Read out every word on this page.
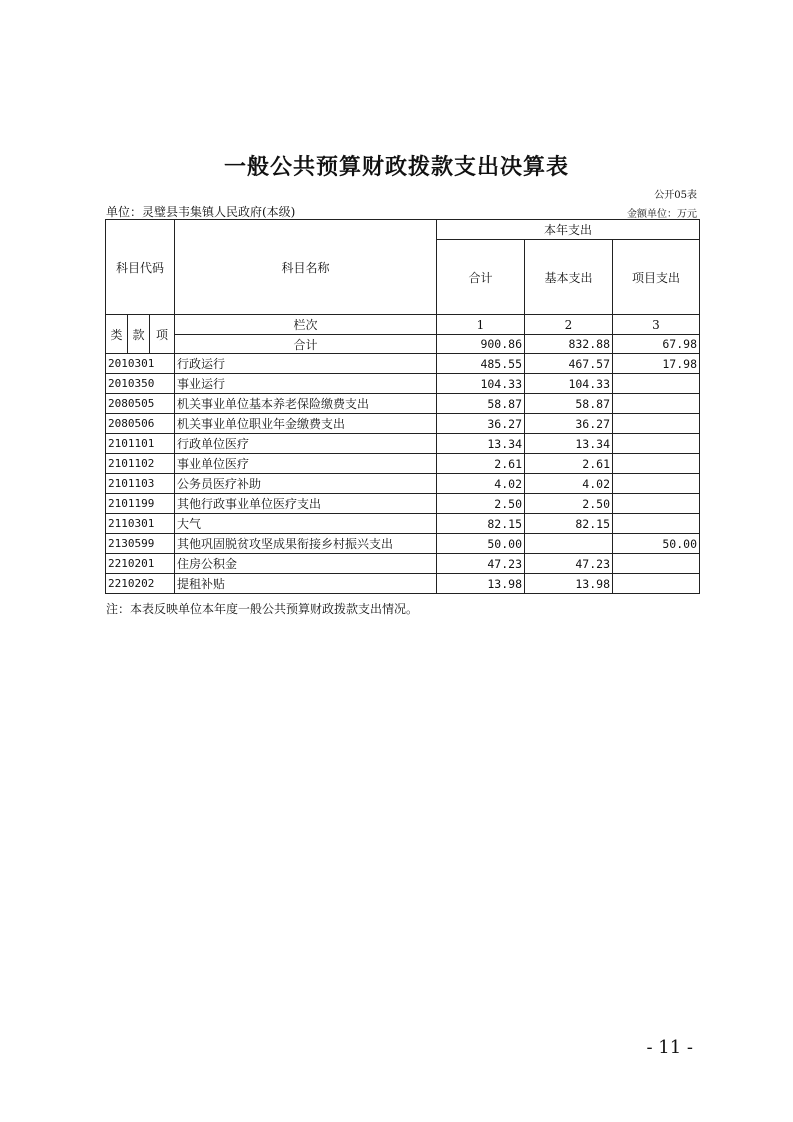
一般公共预算财政拨款支出决算表
公开05表
单位：灵璧县韦集镇人民政府(本级)	金额单位：万元
科目代码			科目名称	本年支出		
				合计	基本支出	项目支出

类	款	项	栏次	1	2	3
			合计	900.86	832.88	67.98
2010301			行政运行	485.55	467.57	17.98
2010350			事业运行	104.33	104.33	
2080505			机关事业单位基本养老保险缴费支出	58.87	58.87	
2080506			机关事业单位职业年金缴费支出	36.27	36.27	
2101101			行政单位医疗	13.34	13.34	
2101102			事业单位医疗	2.61	2.61	
2101103			公务员医疗补助	4.02	4.02	
2101199			其他行政事业单位医疗支出	2.50	2.50	
2110301			大气	82.15	82.15	
2130599			其他巩固脱贫攻坚成果衔接乡村振兴支出	50.00		50.00
2210201			住房公积金	47.23	47.23	
2210202			提租补贴	13.98	13.98	
注：本表反映单位本年度一般公共预算财政拨款支出情况。
- 11 -
